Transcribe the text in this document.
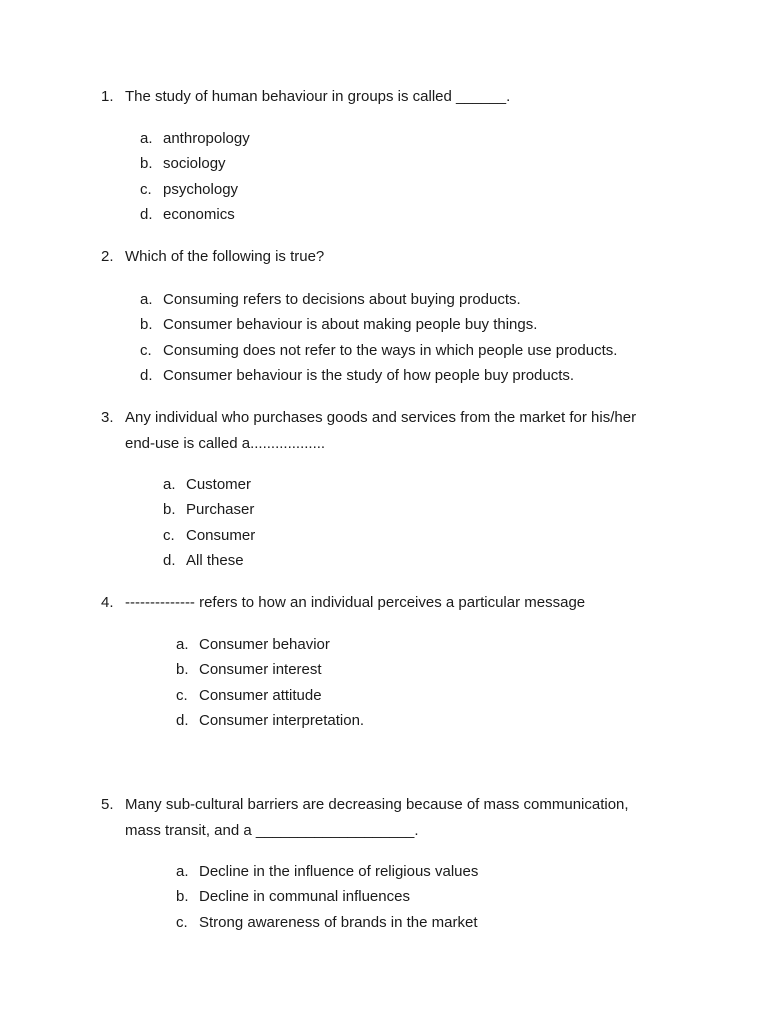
1. The study of human behaviour in groups is called ______.
a. anthropology
b. sociology
c. psychology
d. economics
2. Which of the following is true?
a. Consuming refers to decisions about buying products.
b. Consumer behaviour is about making people buy things.
c. Consuming does not refer to the ways in which people use products.
d. Consumer behaviour is the study of how people buy products.
3. Any individual who purchases goods and services from the market for his/her
end-use is called a..................
a. Customer
b. Purchaser
c. Consumer
d. All these
4. -------------- refers to how an individual perceives a particular message
a. Consumer behavior
b. Consumer interest
c. Consumer attitude
d. Consumer interpretation.
5. Many sub-cultural barriers are decreasing because of mass communication,
mass transit, and a ___________________.
a. Decline in the influence of religious values
b. Decline in communal influences
c. Strong awareness of brands in the market
